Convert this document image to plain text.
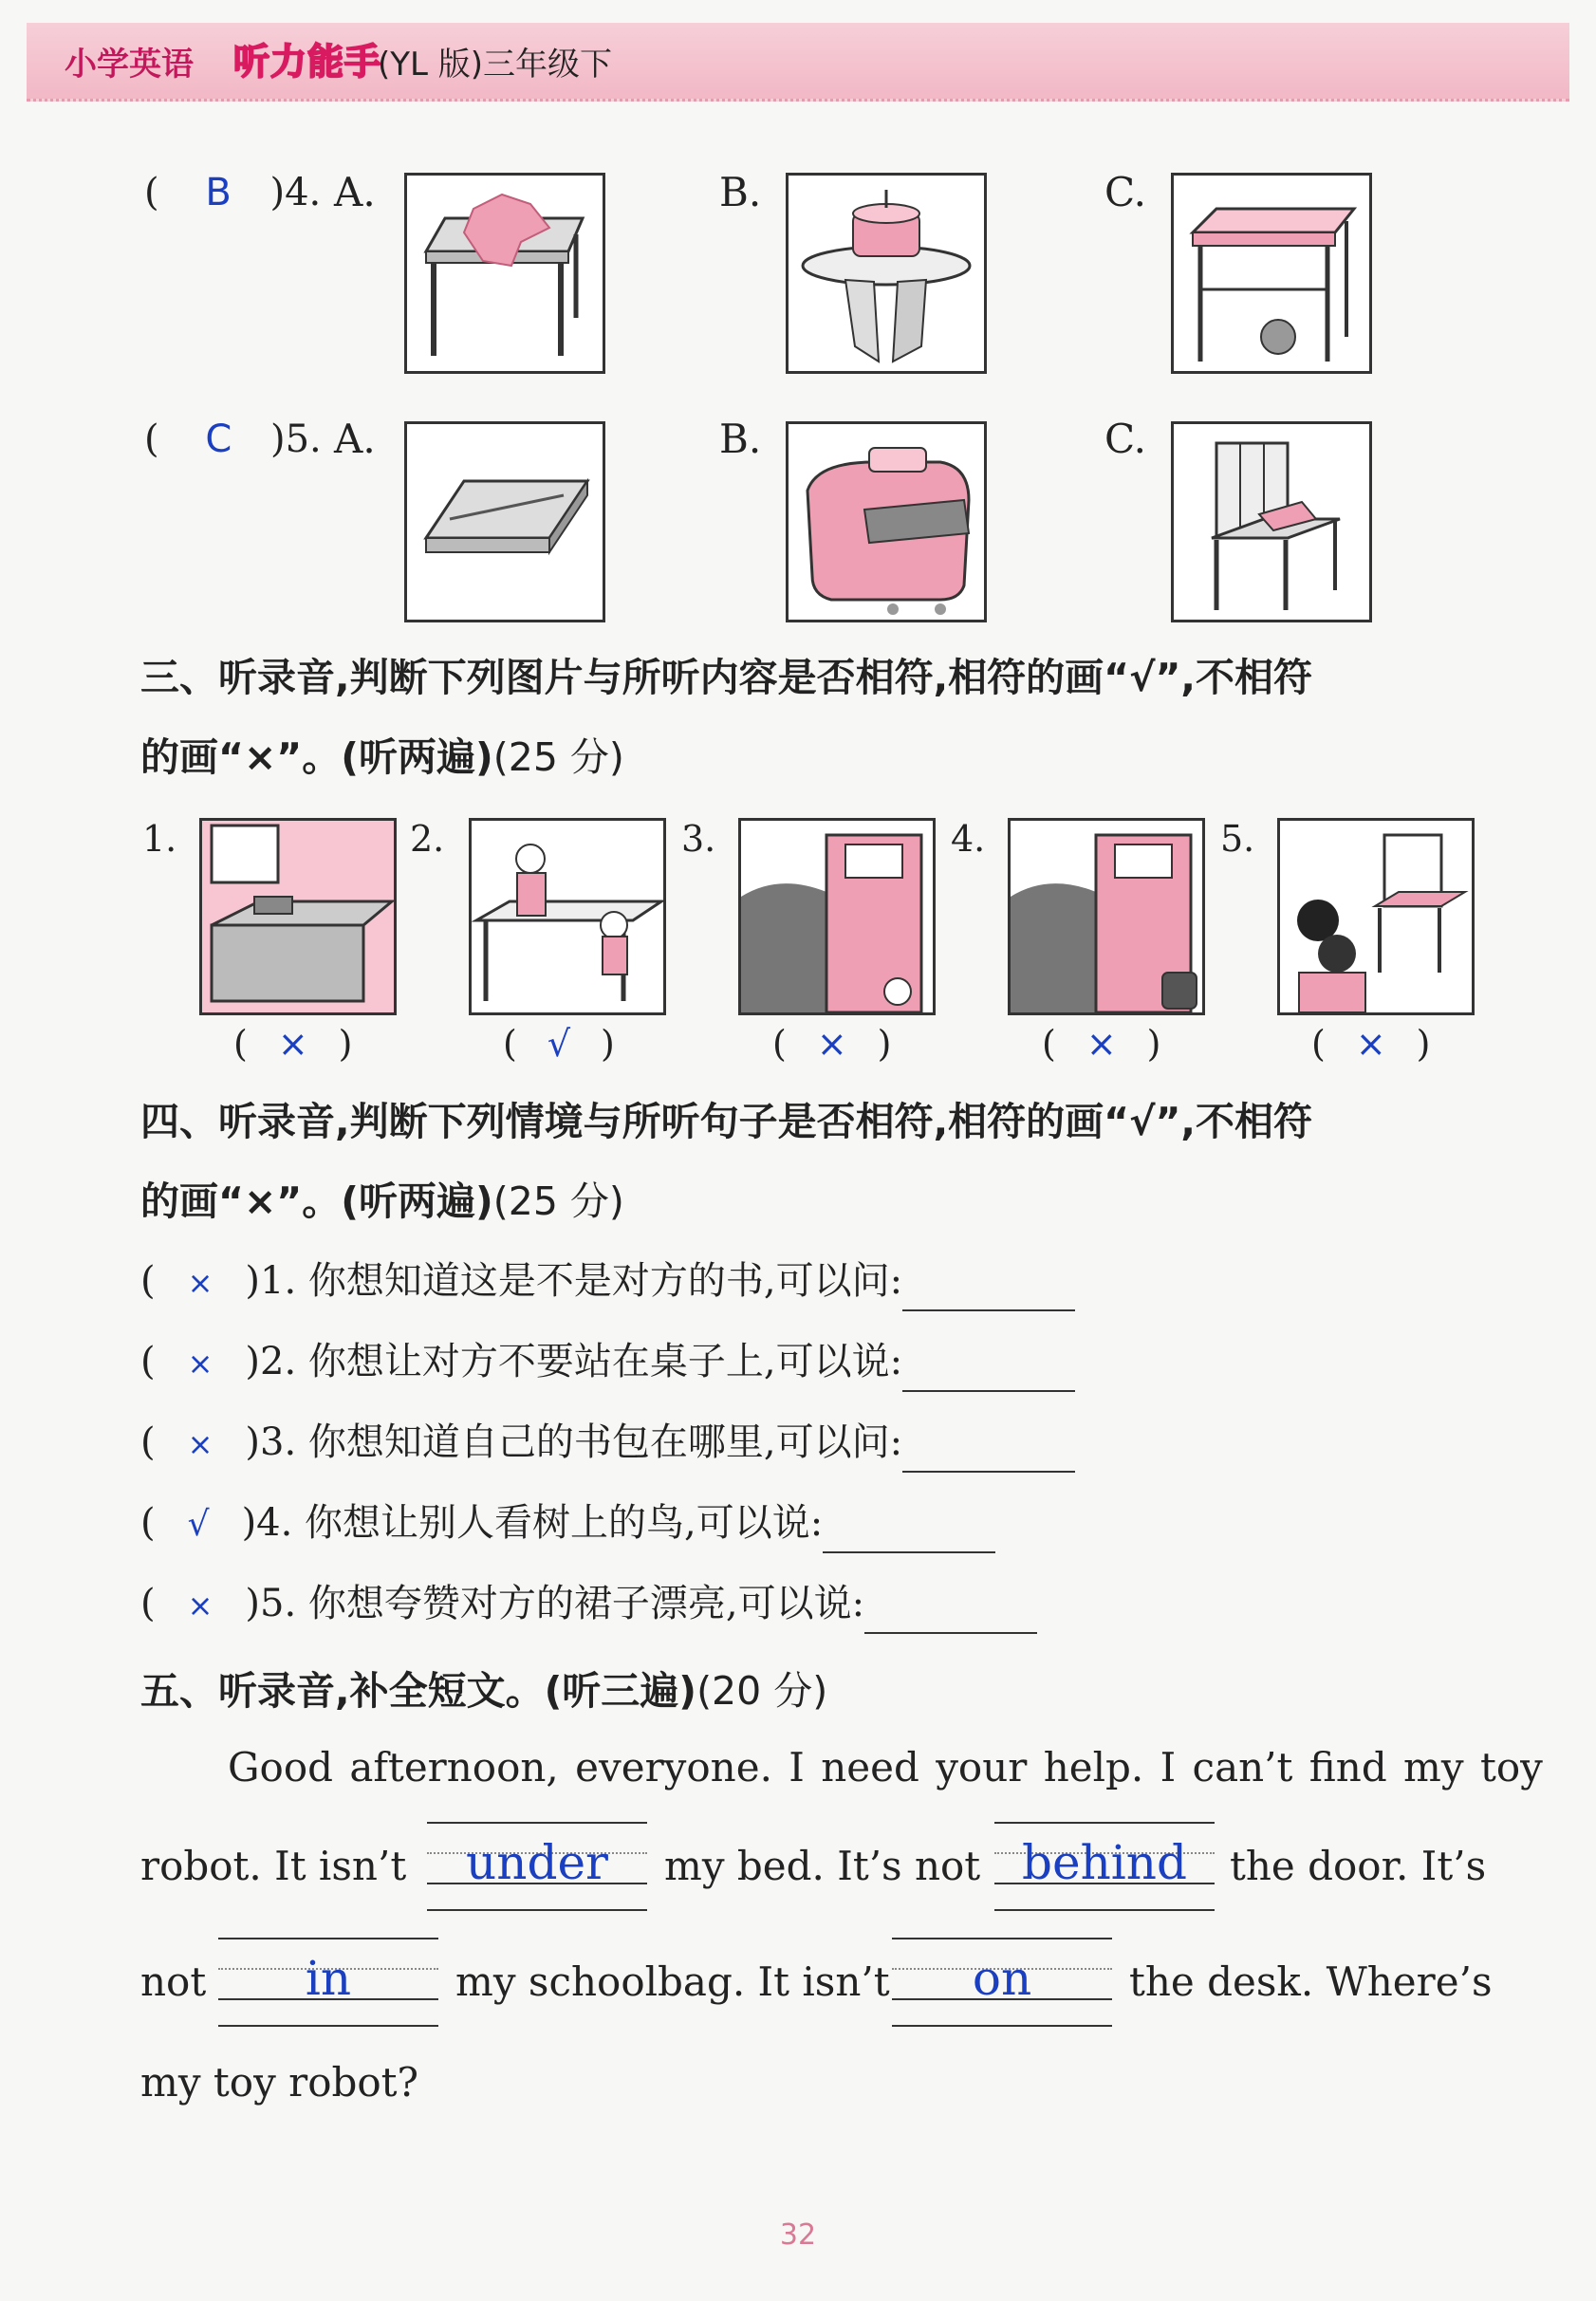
小学英语 听力能手
(YL 版)三年级下
( B )4. A.	B.	C.
( C )5. A.	B.	C.
三、听录音,判断下列图片与所听内容是否相符,相符的画“√”,不相符
的画“×”。(听两遍)(25 分)
1.
( × )
2.
( √ )
3.
( × )
4.
( × )
5.
( × )
四、听录音,判断下列情境与所听句子是否相符,相符的画“√”,不相符
的画“×”。(听两遍)(25 分)
( × )1. 你想知道这是不是对方的书,可以问:
( × )2. 你想让对方不要站在桌子上,可以说:
( × )3. 你想知道自己的书包在哪里,可以问:
( √ )4. 你想让别人看树上的鸟,可以说:
( × )5. 你想夸赞对方的裙子漂亮,可以说:
五、听录音,补全短文。(听三遍)(20 分)
Good afternoon, everyone. I need your help. I can’t find my toy
robot. It isn’t	under	my bed. It’s not behind	the door. It’s
not	in	my schoolbag. It isn’t	on	the desk. Where’s
my toy robot?
32
